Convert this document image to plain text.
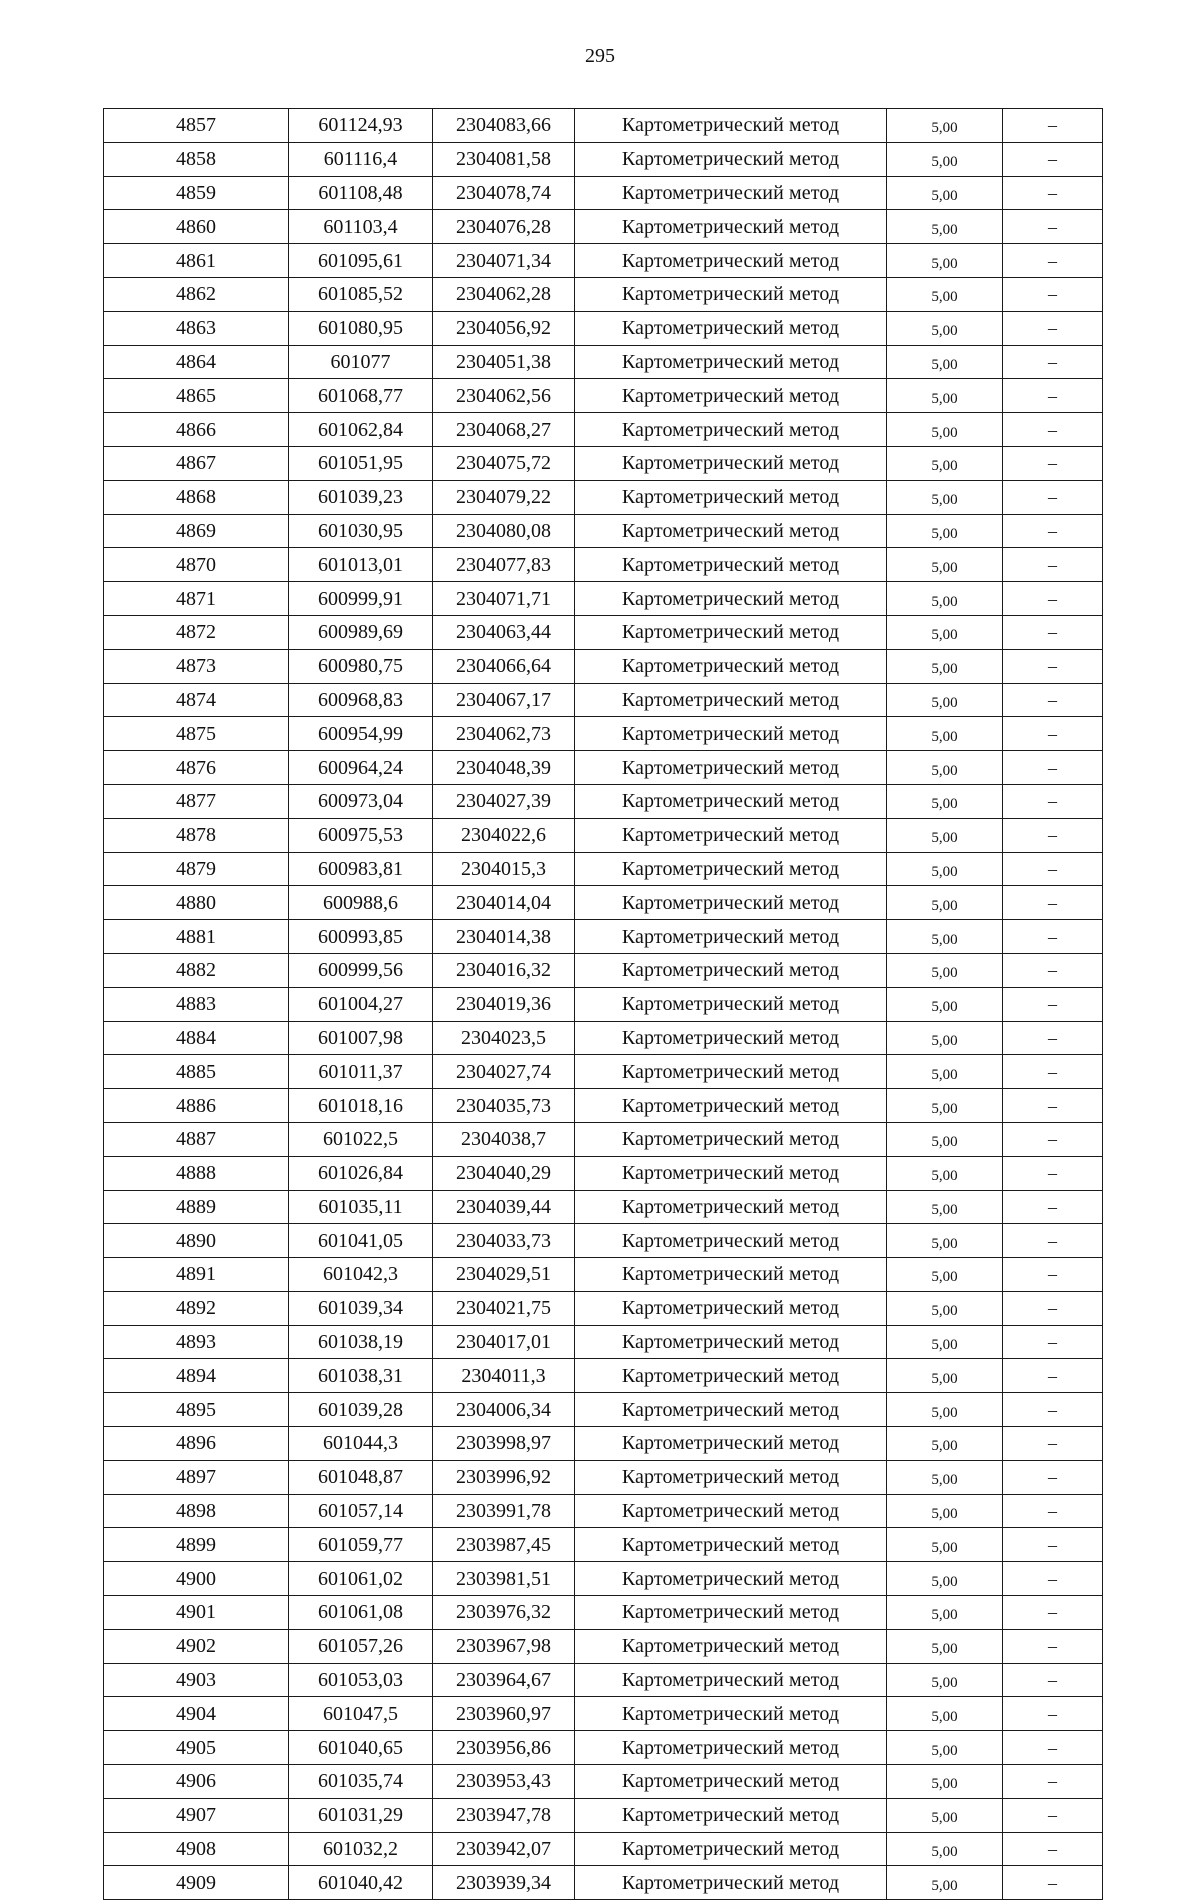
295
4857	601124,93	2304083,66	Картометрический метод	5,00	–
4858	601116,4	2304081,58	Картометрический метод	5,00	–
4859	601108,48	2304078,74	Картометрический метод	5,00	–
4860	601103,4	2304076,28	Картометрический метод	5,00	–
4861	601095,61	2304071,34	Картометрический метод	5,00	–
4862	601085,52	2304062,28	Картометрический метод	5,00	–
4863	601080,95	2304056,92	Картометрический метод	5,00	–
4864	601077	2304051,38	Картометрический метод	5,00	–
4865	601068,77	2304062,56	Картометрический метод	5,00	–
4866	601062,84	2304068,27	Картометрический метод	5,00	–
4867	601051,95	2304075,72	Картометрический метод	5,00	–
4868	601039,23	2304079,22	Картометрический метод	5,00	–
4869	601030,95	2304080,08	Картометрический метод	5,00	–
4870	601013,01	2304077,83	Картометрический метод	5,00	–
4871	600999,91	2304071,71	Картометрический метод	5,00	–
4872	600989,69	2304063,44	Картометрический метод	5,00	–
4873	600980,75	2304066,64	Картометрический метод	5,00	–
4874	600968,83	2304067,17	Картометрический метод	5,00	–
4875	600954,99	2304062,73	Картометрический метод	5,00	–
4876	600964,24	2304048,39	Картометрический метод	5,00	–
4877	600973,04	2304027,39	Картометрический метод	5,00	–
4878	600975,53	2304022,6	Картометрический метод	5,00	–
4879	600983,81	2304015,3	Картометрический метод	5,00	–
4880	600988,6	2304014,04	Картометрический метод	5,00	–
4881	600993,85	2304014,38	Картометрический метод	5,00	–
4882	600999,56	2304016,32	Картометрический метод	5,00	–
4883	601004,27	2304019,36	Картометрический метод	5,00	–
4884	601007,98	2304023,5	Картометрический метод	5,00	–
4885	601011,37	2304027,74	Картометрический метод	5,00	–
4886	601018,16	2304035,73	Картометрический метод	5,00	–
4887	601022,5	2304038,7	Картометрический метод	5,00	–
4888	601026,84	2304040,29	Картометрический метод	5,00	–
4889	601035,11	2304039,44	Картометрический метод	5,00	–
4890	601041,05	2304033,73	Картометрический метод	5,00	–
4891	601042,3	2304029,51	Картометрический метод	5,00	–
4892	601039,34	2304021,75	Картометрический метод	5,00	–
4893	601038,19	2304017,01	Картометрический метод	5,00	–
4894	601038,31	2304011,3	Картометрический метод	5,00	–
4895	601039,28	2304006,34	Картометрический метод	5,00	–
4896	601044,3	2303998,97	Картометрический метод	5,00	–
4897	601048,87	2303996,92	Картометрический метод	5,00	–
4898	601057,14	2303991,78	Картометрический метод	5,00	–
4899	601059,77	2303987,45	Картометрический метод	5,00	–
4900	601061,02	2303981,51	Картометрический метод	5,00	–
4901	601061,08	2303976,32	Картометрический метод	5,00	–
4902	601057,26	2303967,98	Картометрический метод	5,00	–
4903	601053,03	2303964,67	Картометрический метод	5,00	–
4904	601047,5	2303960,97	Картометрический метод	5,00	–
4905	601040,65	2303956,86	Картометрический метод	5,00	–
4906	601035,74	2303953,43	Картометрический метод	5,00	–
4907	601031,29	2303947,78	Картометрический метод	5,00	–
4908	601032,2	2303942,07	Картометрический метод	5,00	–
4909	601040,42	2303939,34	Картометрический метод	5,00	–
